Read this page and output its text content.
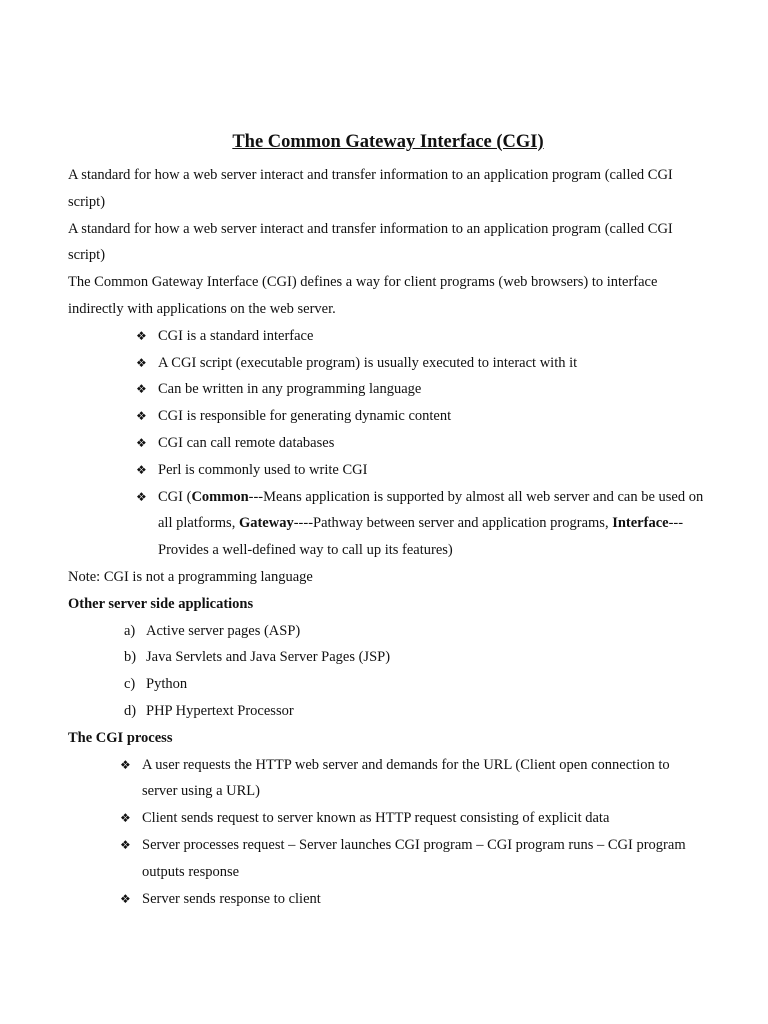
The Common Gateway Interface (CGI)

A standard for how a web server interact and transfer information to an application program (called CGI script)

A standard for how a web server interact and transfer information to an application program (called CGI script)

The Common Gateway Interface (CGI) defines a way for client programs (web browsers) to interface indirectly with applications on the web server.

❖ CGI is a standard interface
❖ A CGI script (executable program) is usually executed to interact with it
❖ Can be written in any programming language
❖ CGI is responsible for generating dynamic content
❖ CGI can call remote databases
❖ Perl is commonly used to write CGI
❖ CGI (Common---Means application is supported by almost all web server and can be used on all platforms, Gateway----Pathway between server and application programs, Interface---Provides a well-defined way to call up its features)

Note: CGI is not a programming language

Other server side applications

a) Active server pages (ASP)
b) Java Servlets and Java Server Pages (JSP)
c) Python
d) PHP Hypertext Processor

The CGI process

❖ A user requests the HTTP web server and demands for the URL (Client open connection to server using a URL)
❖ Client sends request to server known as HTTP request consisting of explicit data
❖ Server processes request – Server launches CGI program – CGI program runs – CGI program outputs response
❖ Server sends response to client
